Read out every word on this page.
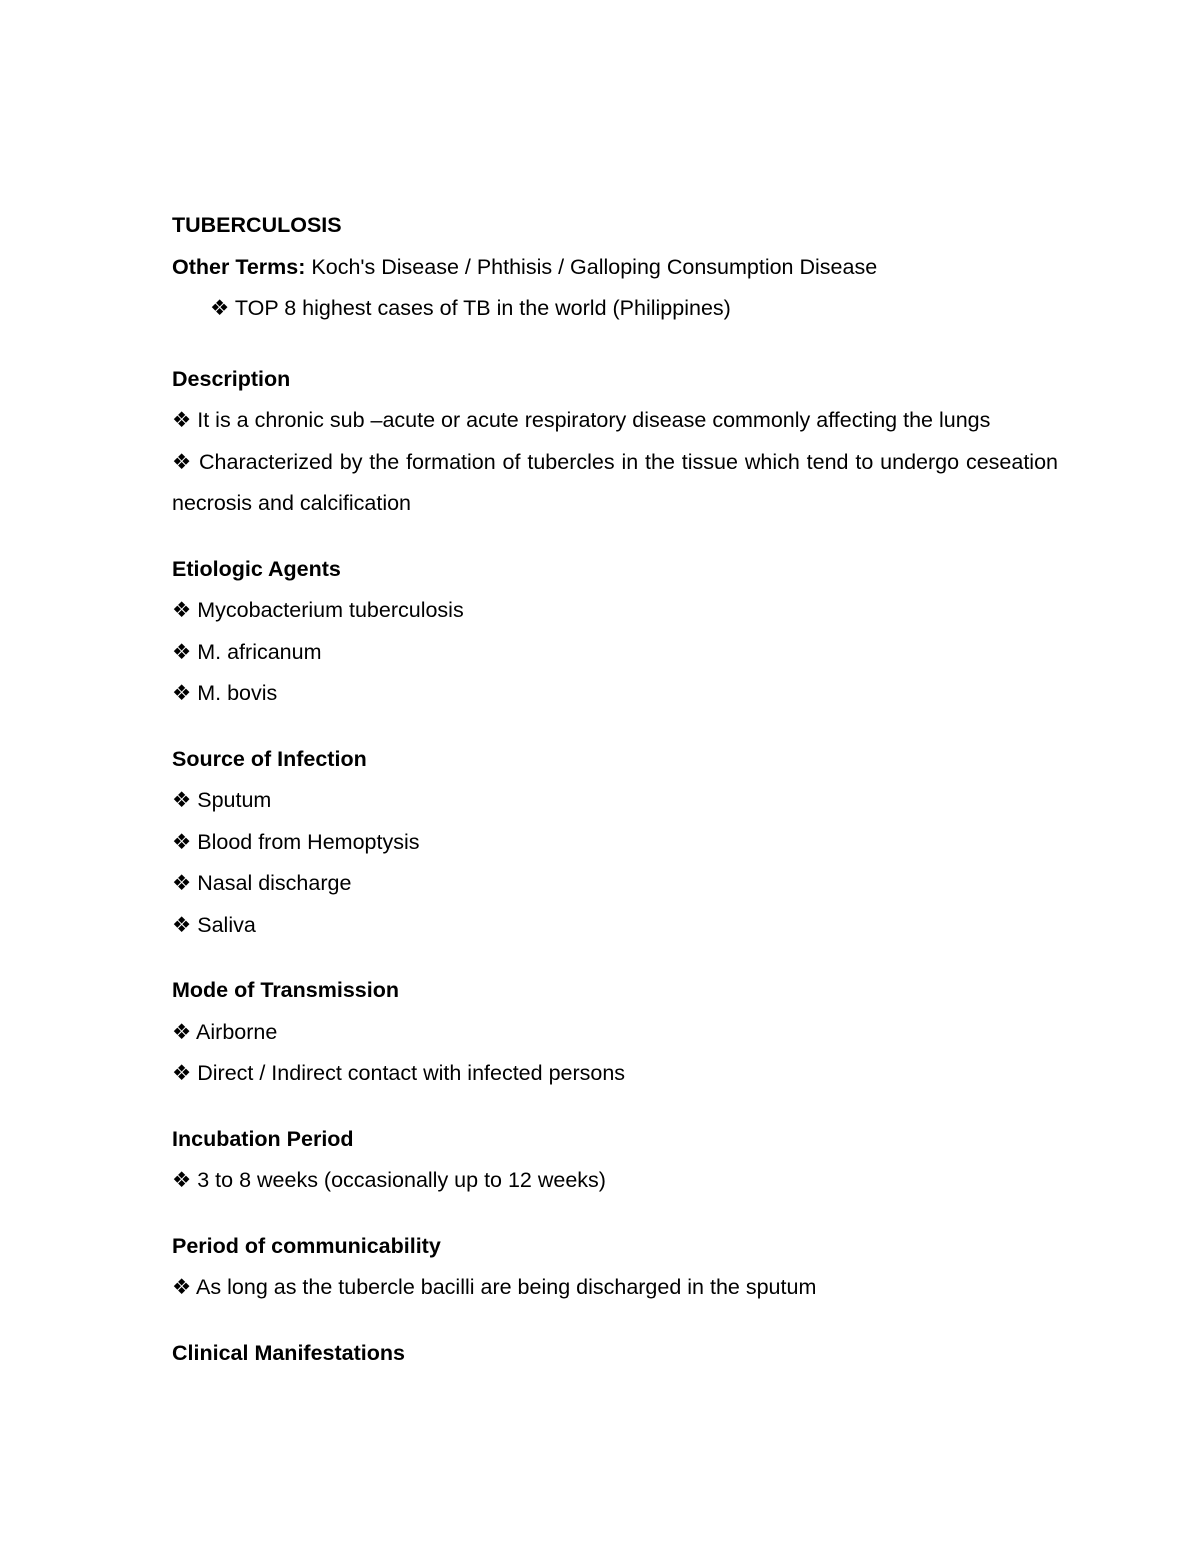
TUBERCULOSIS

Other Terms: Koch's Disease / Phthisis / Galloping Consumption Disease

❖ TOP 8 highest cases of TB in the world (Philippines)

Description

❖ It is a chronic sub –acute or acute respiratory disease commonly affecting the lungs

❖ Characterized by the formation of tubercles in the tissue which tend to undergo ceseation necrosis and calcification

Etiologic Agents

❖ Mycobacterium tuberculosis

❖ M. africanum

❖ M. bovis

Source of Infection

❖ Sputum

❖ Blood from Hemoptysis

❖ Nasal discharge

❖ Saliva

Mode of Transmission

❖ Airborne

❖ Direct / Indirect contact with infected persons

Incubation Period

❖ 3 to 8 weeks (occasionally up to 12 weeks)

Period of communicability

❖ As long as the tubercle bacilli are being discharged in the sputum

Clinical Manifestations
